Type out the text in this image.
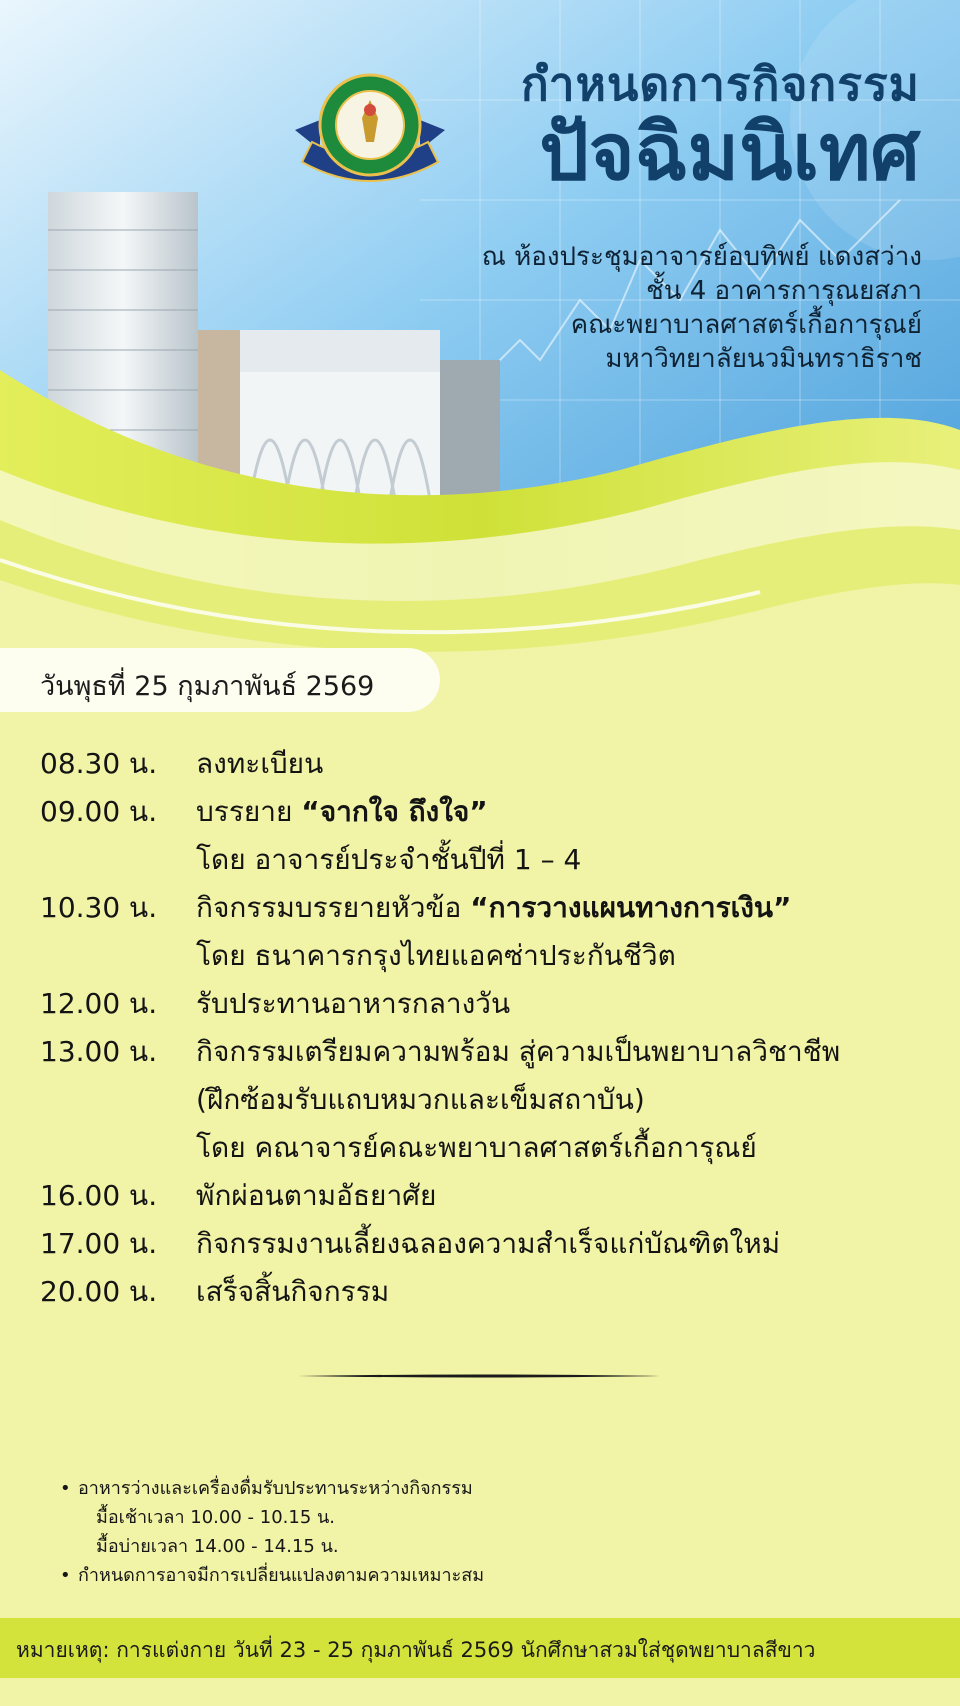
กำหนดการกิจกรรม
ปัจฉิมนิเทศ
ณ ห้องประชุมอาจารย์อบทิพย์ แดงสว่าง
ชั้น 4 อาคารการุณยสภา
คณะพยาบาลศาสตร์เกื้อการุณย์
มหาวิทยาลัยนวมินทราธิราช
วันพุธที่ 25 กุมภาพันธ์ 2569
08.30 น.	ลงทะเบียน
09.00 น.	บรรยาย “จากใจ ถึงใจ”
โดย อาจารย์ประจำชั้นปีที่ 1 – 4
10.30 น.	กิจกรรมบรรยายหัวข้อ “การวางแผนทางการเงิน”
โดย ธนาคารกรุงไทยแอคซ่าประกันชีวิต
12.00 น.	รับประทานอาหารกลางวัน
13.00 น.	กิจกรรมเตรียมความพร้อม สู่ความเป็นพยาบาลวิชาชีพ
(ฝึกซ้อมรับแถบหมวกและเข็มสถาบัน)
โดย คณาจารย์คณะพยาบาลศาสตร์เกื้อการุณย์
16.00 น.	พักผ่อนตามอัธยาศัย
17.00 น.	กิจกรรมงานเลี้ยงฉลองความสำเร็จแก่บัณฑิตใหม่
20.00 น.	เสร็จสิ้นกิจกรรม
• อาหารว่างและเครื่องดื่มรับประทานระหว่างกิจกรรม
มื้อเช้าเวลา 10.00 - 10.15 น.
มื้อบ่ายเวลา 14.00 - 14.15 น.
• กำหนดการอาจมีการเปลี่ยนแปลงตามความเหมาะสม
หมายเหตุ: การแต่งกาย วันที่ 23 - 25 กุมภาพันธ์ 2569 นักศึกษาสวมใส่ชุดพยาบาลสีขาว
